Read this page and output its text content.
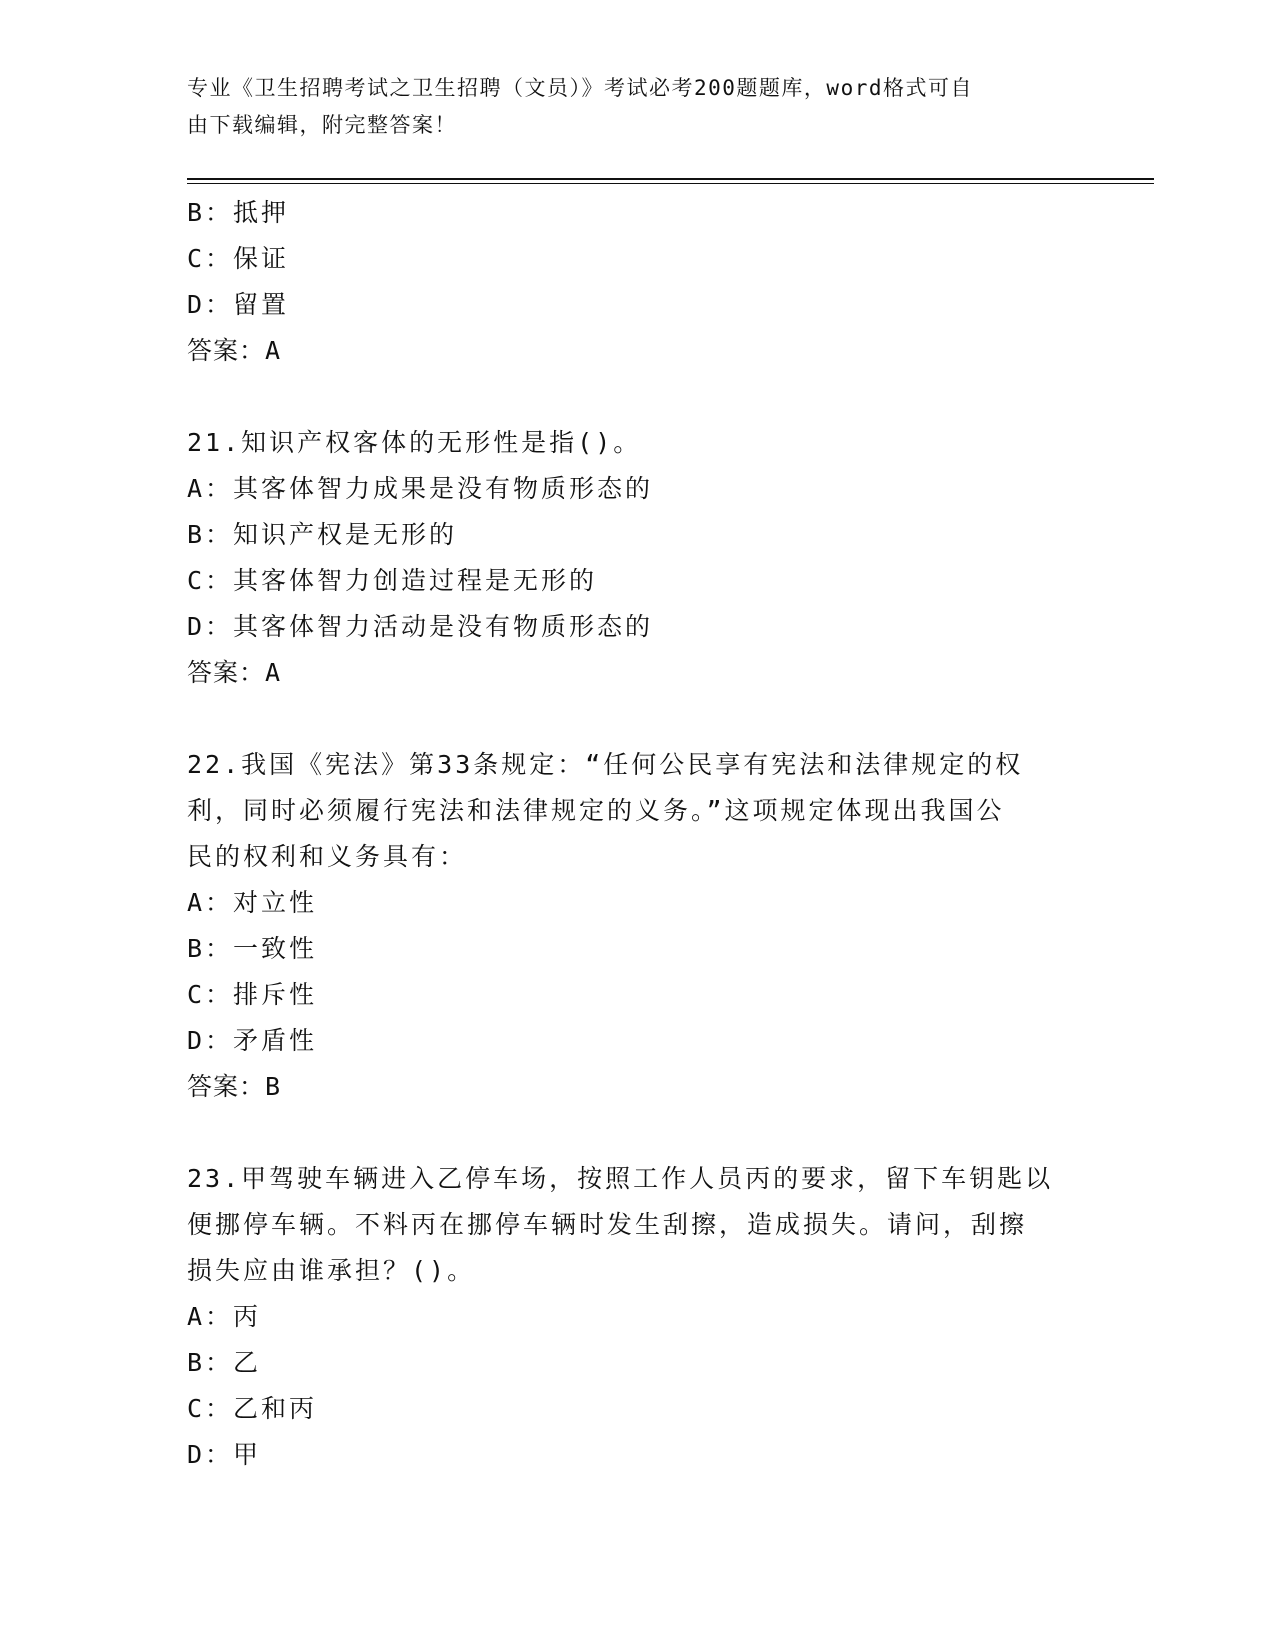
专业《卫生招聘考试之卫生招聘（文员）》考试必考200题题库，word格式可自
由下载编辑，附完整答案！
B：抵押
C：保证
D：留置
答案：A
21.知识产权客体的无形性是指()。
A：其客体智力成果是没有物质形态的
B：知识产权是无形的
C：其客体智力创造过程是无形的
D：其客体智力活动是没有物质形态的
答案：A
22.我国《宪法》第33条规定：“任何公民享有宪法和法律规定的权
利，同时必须履行宪法和法律规定的义务。”这项规定体现出我国公
民的权利和义务具有：
A：对立性
B：一致性
C：排斥性
D：矛盾性
答案：B
23.甲驾驶车辆进入乙停车场，按照工作人员丙的要求，留下车钥匙以
便挪停车辆。不料丙在挪停车辆时发生刮擦，造成损失。请问，刮擦
损失应由谁承担？()。
A：丙
B：乙
C：乙和丙
D：甲
